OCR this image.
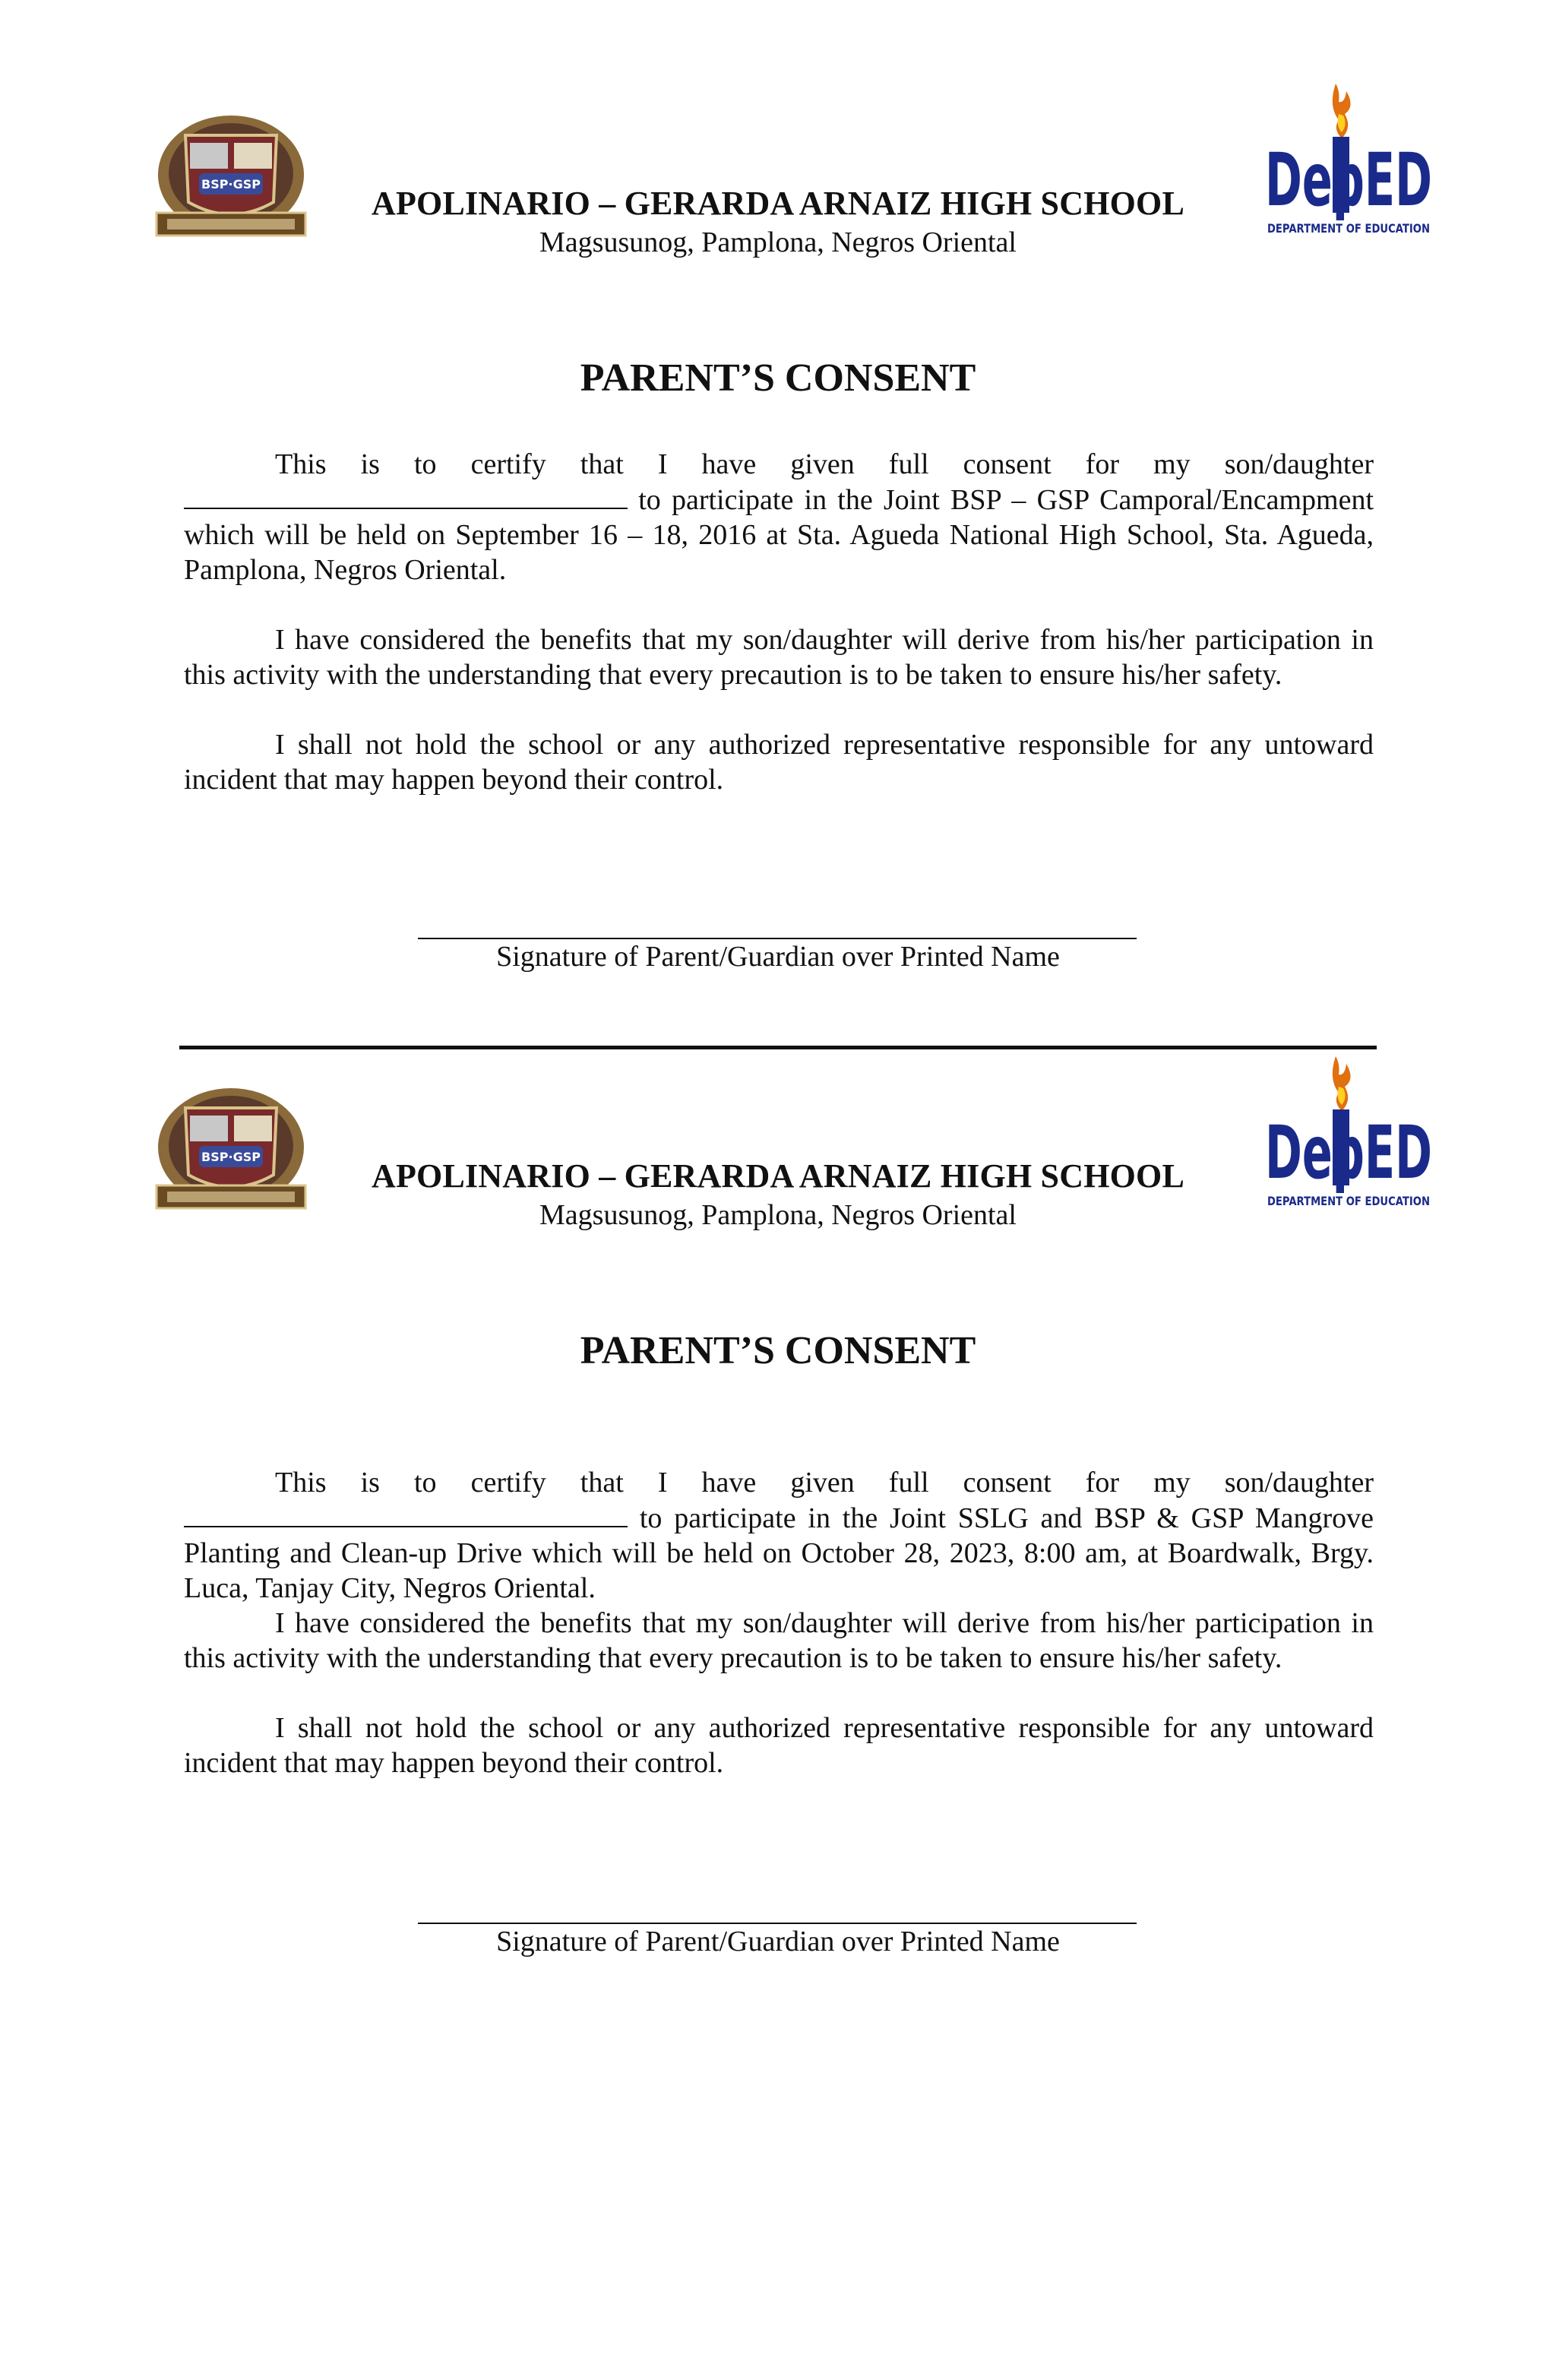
BSP·GSP
APOLINARIO – GERARDA ARNAIZ HIGH SCHOOL
Magsusunog, Pamplona, Negros Oriental
DepED
DEPARTMENT OF EDUCATION
PARENT’S CONSENT

This is to certify that I have given full consent for my son/daughter  to participate in the Joint BSP – GSP Camporal/Encampment which will be held on September 16 – 18, 2016 at Sta. Agueda National High School, Sta. Agueda, Pamplona, Negros Oriental.

I have considered the benefits that my son/daughter will derive from his/her participation in this activity with the understanding that every precaution is to be taken to ensure his/her safety.

I shall not hold the school or any authorized representative responsible for any untoward incident that may happen beyond their control.

Signature of Parent/Guardian over Printed Name
BSP·GSP
APOLINARIO – GERARDA ARNAIZ HIGH SCHOOL
Magsusunog, Pamplona, Negros Oriental
DepED
DEPARTMENT OF EDUCATION
PARENT’S CONSENT

This is to certify that I have given full consent for my son/daughter  to participate in the Joint SSLG and BSP & GSP Mangrove Planting and Clean-up Drive which will be held on October 28, 2023, 8:00 am, at Boardwalk, Brgy. Luca, Tanjay City, Negros Oriental.

I have considered the benefits that my son/daughter will derive from his/her participation in this activity with the understanding that every precaution is to be taken to ensure his/her safety.

I shall not hold the school or any authorized representative responsible for any untoward incident that may happen beyond their control.

Signature of Parent/Guardian over Printed Name
